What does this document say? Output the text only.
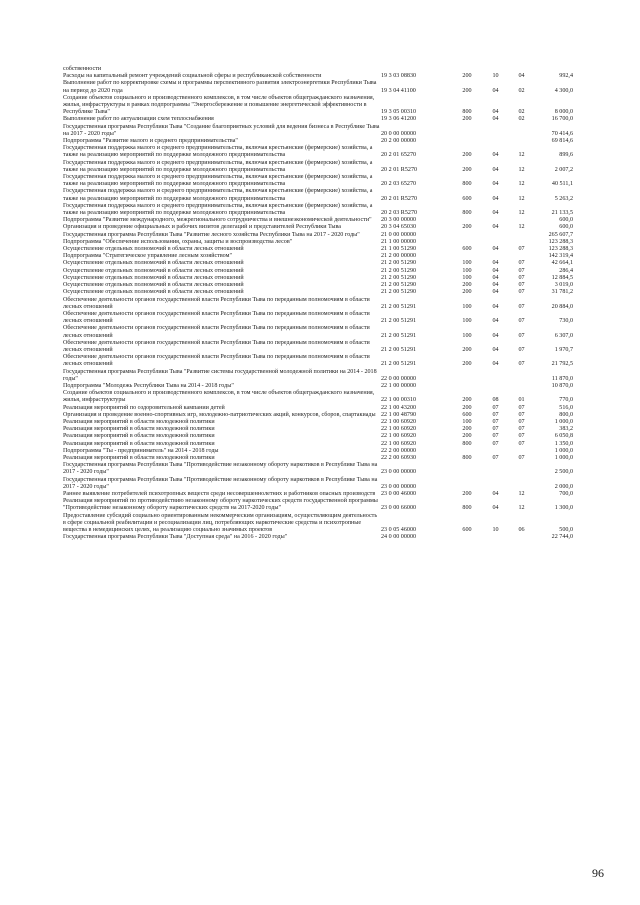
собственности					
Расходы на капитальный ремонт учреждений социальной сферы и республиканской собственности	19 3 03 08830	200	10	04	992,4
Выполнение работ по корректировке схемы и программы перспективного развития электроэнергетики Республики Тыва на период до 2020 года	19 3 04 41100	200	04	02	4 300,0
Создание объектов социального и производственного комплексов, в том числе объектов общегражданского назначения, жилья, инфраструктуры в рамках подпрограммы "Энергосбережение и повышение энергетической эффективности в Республике Тыва"	19 3 05 00310	800	04	02	8 000,0
Выполнение работ по актуализации схем теплоснабжения	19 3 06 41200	200	04	02	16 700,0
Государственная программа Республики Тыва "Создание благоприятных условий для ведения бизнеса в Республике Тыва на 2017 - 2020 годы"	20 0 00 00000				70 414,6
Подпрограмма "Развитие малого и среднего предпринимательства"	20 2 00 00000				69 814,6
Государственная поддержка малого и среднего предпринимательства, включая крестьянские (фермерские) хозяйства, а также на реализацию мероприятий по поддержке молодежного предпринимательства	20 2 01 65270	200	04	12	899,6
Государственная поддержка малого и среднего предпринимательства, включая крестьянские (фермерские) хозяйства, а также на реализацию мероприятий по поддержке молодежного предпринимательства	20 2 01 R5270	200	04	12	2 007,2
Государственная поддержка малого и среднего предпринимательства, включая крестьянские (фермерские) хозяйства, а также на реализацию мероприятий по поддержке молодежного предпринимательства	20 2 03 65270	800	04	12	40 511,1
Государственная поддержка малого и среднего предпринимательства, включая крестьянские (фермерские) хозяйства, а также на реализацию мероприятий по поддержке молодежного предпринимательства	20 2 01 R5270	600	04	12	5 263,2
Государственная поддержка малого и среднего предпринимательства, включая крестьянские (фермерские) хозяйства, а также на реализацию мероприятий по поддержке молодежного предпринимательства	20 2 03 R5270	800	04	12	21 133,5
Подпрограмма "Развитие международного, межрегионального сотрудничества и внешнеэкономической деятельности"	20 3 00 00000				600,0
Организация и проведение официальных и рабочих визитов делегаций и представителей Республики Тыва	20 3 04 65030	200	04	12	600,0
Государственная программа Республики Тыва "Развитие лесного хозяйства Республики Тыва на 2017 - 2020 годы"	21 0 00 00000				265 607,7
Подпрограмма "Обеспечение использования, охраны, защиты и воспроизводства лесов"	21 1 00 00000				123 288,3
Осуществление отдельных полномочий в области лесных отношений	21 1 00 51290	600	04	07	123 288,3
Подпрограмма "Стратегическое управление лесным хозяйством"	21 2 00 00000				142 319,4
Осуществление отдельных полномочий в области лесных отношений	21 2 00 51290	100	04	07	42 664,1
Осуществление отдельных полномочий в области лесных отношений	21 2 00 51290	100	04	07	286,4
Осуществление отдельных полномочий в области лесных отношений	21 2 00 51290	100	04	07	12 884,5
Осуществление отдельных полномочий в области лесных отношений	21 2 00 51290	200	04	07	3 019,0
Осуществление отдельных полномочий в области лесных отношений	21 2 00 51290	200	04	07	31 781,2
Обеспечение деятельности органов государственной власти Республики Тыва по переданным полномочиям в области лесных отношений	21 2 00 51291	100	04	07	20 884,0
Обеспечение деятельности органов государственной власти Республики Тыва по переданным полномочиям в области лесных отношений	21 2 00 51291	100	04	07	730,0
Обеспечение деятельности органов государственной власти Республики Тыва по переданным полномочиям в области лесных отношений	21 2 00 51291	100	04	07	6 307,0
Обеспечение деятельности органов государственной власти Республики Тыва по переданным полномочиям в области лесных отношений	21 2 00 51291	200	04	07	1 970,7
Обеспечение деятельности органов государственной власти Республики Тыва по переданным полномочиям в области лесных отношений	21 2 00 51291	200	04	07	21 792,5
Государственная программа Республики Тыва "Развитие системы государственной молодежной политики на 2014 - 2018 годы"	22 0 00 00000				11 870,0
Подпрограмма "Молодежь Республики Тыва на 2014 - 2018 годы"	22 1 00 00000				10 870,0
Создание объектов социального и производственного комплексов, в том числе объектов общегражданского назначения, жилья, инфраструктуры	22 1 00 00310	200	08	01	770,0
Реализация мероприятий по оздоровительной кампании детей	22 1 00 43200	200	07	07	516,0
Организация и проведение военно-спортивных игр, молодежно-патриотических акций, конкурсов, сборов, спартакиады	22 1 00 48790	600	07	07	800,0
Реализация мероприятий в области молодежной политики	22 1 00 60920	100	07	07	1 000,0
Реализация мероприятий в области молодежной политики	22 1 00 60920	200	07	07	383,2
Реализация мероприятий в области молодежной политики	22 1 00 60920	200	07	07	6 050,8
Реализация мероприятий в области молодежной политики	22 1 00 60920	800	07	07	1 350,0
Подпрограмма "Ты - предприниматель" на 2014 - 2018 годы	22 2 00 00000				1 000,0
Реализация мероприятий в области молодежной политики	22 2 00 60930	800	07	07	1 000,0
Государственная программа Республики Тыва "Противодействие незаконному обороту наркотиков в Республике Тыва на 2017 - 2020 годы"	23 0 00 00000				2 500,0
Государственная программа Республики Тыва "Противодействие незаконному обороту наркотиков в Республике Тыва на 2017 - 2020 годы"	23 0 00 00000				2 000,0
Раннее выявление потребителей психотропных веществ среди несовершеннолетних и работников опасных производств	23 0 00 46000	200	04	12	700,0
Реализация мероприятий по противодействию незаконному обороту наркотических средств государственной программы "Противодействие незаконному обороту наркотических средств на 2017-2020 годы"	23 0 00 66000	800	04	12	1 300,0
Предоставление субсидий социально ориентированным некоммерческим организациям, осуществляющим деятельность в сфере социальной реабилитации и ресоциализации лиц, потребляющих наркотические средства и психотропные вещества в немедицинских целях, на реализацию социально значимых проектов	23 0 05 46000	600	10	06	500,0
Государственная программа Республики Тыва "Доступная среда" на 2016 - 2020 годы"	24 0 00 00000				22 744,0
96
